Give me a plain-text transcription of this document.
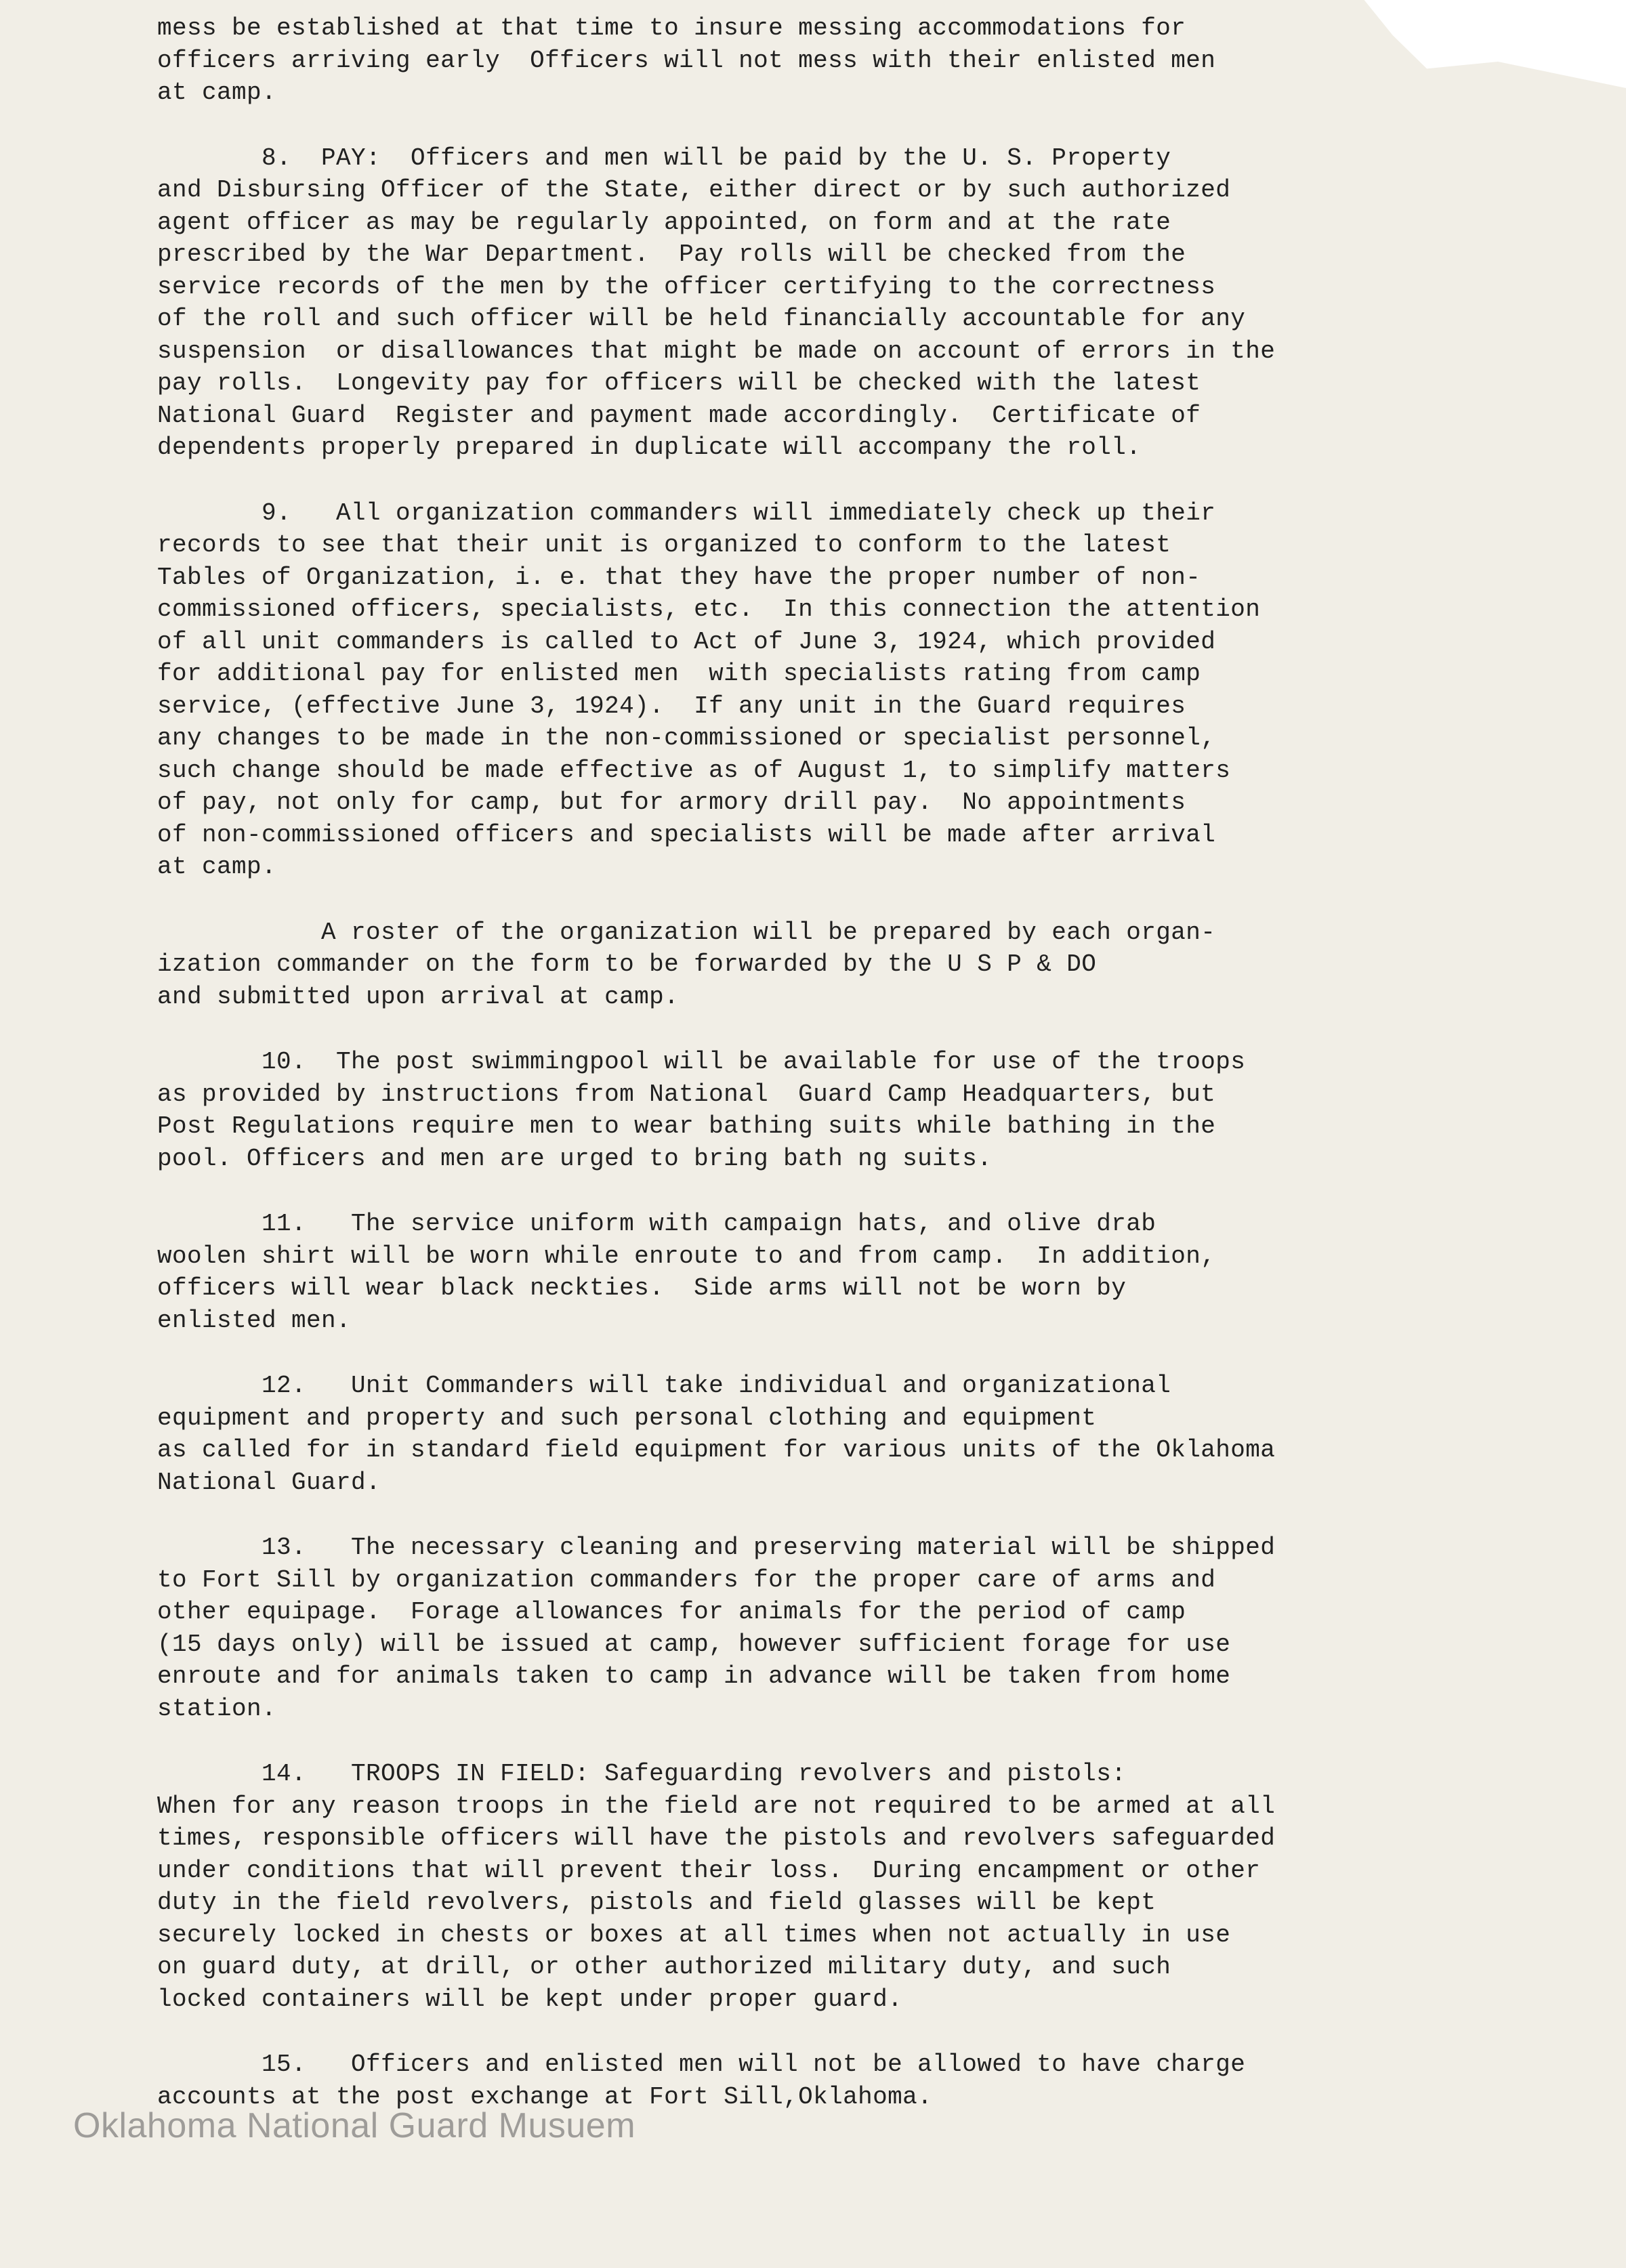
mess be established at that time to insure messing accommodations for
officers arriving early  Officers will not mess with their enlisted men
at camp.
8.  PAY:  Officers and men will be paid by the U. S. Property
and Disbursing Officer of the State, either direct or by such authorized
agent officer as may be regularly appointed, on form and at the rate
prescribed by the War Department.  Pay rolls will be checked from the
service records of the men by the officer certifying to the correctness
of the roll and such officer will be held financially accountable for any
suspension  or disallowances that might be made on account of errors in the
pay rolls.  Longevity pay for officers will be checked with the latest
National Guard  Register and payment made accordingly.  Certificate of
dependents properly prepared in duplicate will accompany the roll.
9.   All organization commanders will immediately check up their
records to see that their unit is organized to conform to the latest
Tables of Organization, i. e. that they have the proper number of non-
commissioned officers, specialists, etc.  In this connection the attention
of all unit commanders is called to Act of June 3, 1924, which provided
for additional pay for enlisted men  with specialists rating from camp
service, (effective June 3, 1924).  If any unit in the Guard requires
any changes to be made in the non-commissioned or specialist personnel,
such change should be made effective as of August 1, to simplify matters
of pay, not only for camp, but for armory drill pay.  No appointments
of non-commissioned officers and specialists will be made after arrival
at camp.
A roster of the organization will be prepared by each organ-
ization commander on the form to be forwarded by the U S P & DO
and submitted upon arrival at camp.
10.  The post swimmingpool will be available for use of the troops
as provided by instructions from National  Guard Camp Headquarters, but
Post Regulations require men to wear bathing suits while bathing in the
pool. Officers and men are urged to bring bath ng suits.
11.   The service uniform with campaign hats, and olive drab
woolen shirt will be worn while enroute to and from camp.  In addition,
officers will wear black neckties.  Side arms will not be worn by
enlisted men.
12.   Unit Commanders will take individual and organizational
equipment and property and such personal clothing and equipment
as called for in standard field equipment for various units of the Oklahoma
National Guard.
13.   The necessary cleaning and preserving material will be shipped
to Fort Sill by organization commanders for the proper care of arms and
other equipage.  Forage allowances for animals for the period of camp
(15 days only) will be issued at camp, however sufficient forage for use
enroute and for animals taken to camp in advance will be taken from home
station.
14.   TROOPS IN FIELD: Safeguarding revolvers and pistols:
When for any reason troops in the field are not required to be armed at all
times, responsible officers will have the pistols and revolvers safeguarded
under conditions that will prevent their loss.  During encampment or other
duty in the field revolvers, pistols and field glasses will be kept
securely locked in chests or boxes at all times when not actually in use
on guard duty, at drill, or other authorized military duty, and such
locked containers will be kept under proper guard.
15.   Officers and enlisted men will not be allowed to have charge
accounts at the post exchange at Fort Sill,Oklahoma.
Oklahoma National Guard Musuem
